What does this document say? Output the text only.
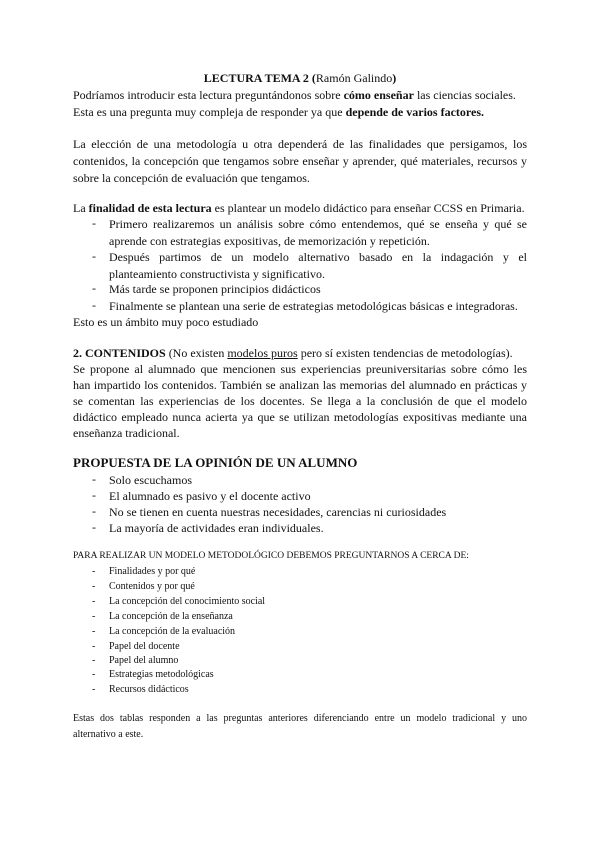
LECTURA TEMA 2 (Ramón Galindo)
Podríamos introducir esta lectura preguntándonos sobre cómo enseñar las ciencias sociales.
Esta es una pregunta muy compleja de responder ya que depende de varios factores.
La elección de una metodología u otra dependerá de las finalidades que persigamos, los
contenidos, la concepción que tengamos sobre enseñar y aprender, qué materiales, recursos y
sobre la concepción de evaluación que tengamos.
La finalidad de esta lectura es plantear un modelo didáctico para enseñar CCSS en Primaria.
- Primero realizaremos un análisis sobre cómo entendemos, qué se enseña y qué se
aprende con estrategias expositivas, de memorización y repetición.
- Después partimos de un modelo alternativo basado en la indagación y el
planteamiento constructivista y significativo.
- Más tarde se proponen principios didácticos
- Finalmente se plantean una serie de estrategias metodológicas básicas e integradoras.
Esto es un ámbito muy poco estudiado
2. CONTENIDOS (No existen modelos puros pero sí existen tendencias de metodologías).
Se propone al alumnado que mencionen sus experiencias preuniversitarias sobre cómo les
han impartido los contenidos. También se analizan las memorias del alumnado en prácticas y
se comentan las experiencias de los docentes. Se llega a la conclusión de que el modelo
didáctico empleado nunca acierta ya que se utilizan metodologías expositivas mediante una
enseñanza tradicional.
PROPUESTA DE LA OPINIÓN DE UN ALUMNO
- Solo escuchamos
- El alumnado es pasivo y el docente activo
- No se tienen en cuenta nuestras necesidades, carencias ni curiosidades
- La mayoría de actividades eran individuales.
PARA REALIZAR UN MODELO METODOLÓGICO DEBEMOS PREGUNTARNOS A CERCA DE:
- Finalidades y por qué
- Contenidos y por qué
- La concepción del conocimiento social
- La concepción de la enseñanza
- La concepción de la evaluación
- Papel del docente
- Papel del alumno
- Estrategias metodológicas
- Recursos didácticos
Estas dos tablas responden a las preguntas anteriores diferenciando entre un modelo tradicional y uno
alternativo a este.
